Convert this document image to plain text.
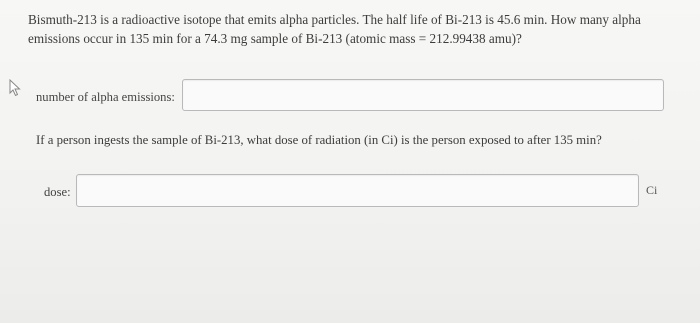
Bismuth-213 is a radioactive isotope that emits alpha particles. The half life of Bi-213 is 45.6 min. How many alpha
emissions occur in 135 min for a 74.3 mg sample of Bi-213 (atomic mass = 212.99438 amu)?
number of alpha emissions:
If a person ingests the sample of Bi-213, what dose of radiation (in Ci) is the person exposed to after 135 min?
dose:	Ci
